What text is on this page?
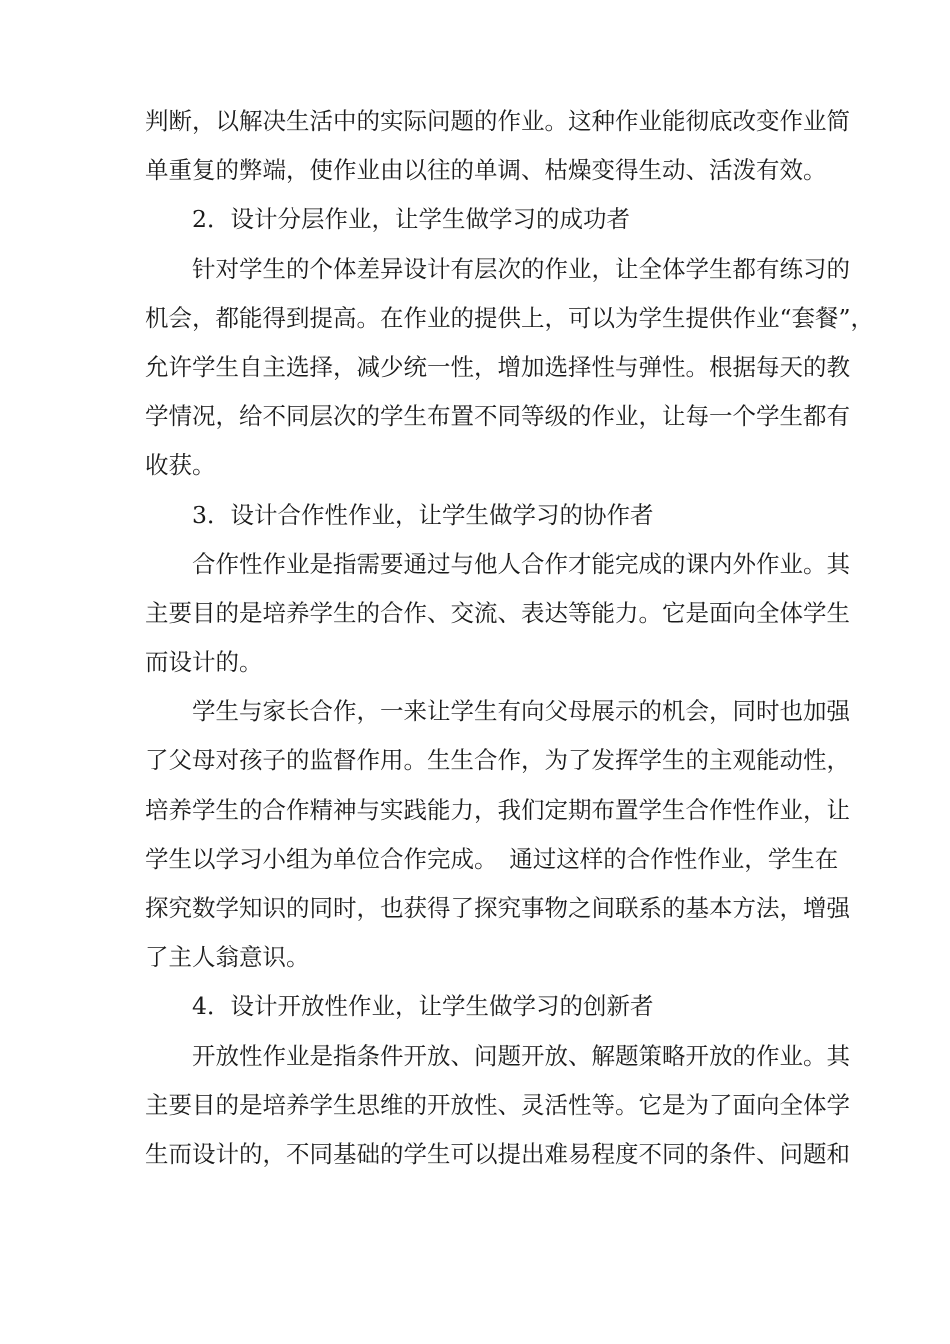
判断，以解决生活中的实际问题的作业。这种作业能彻底改变作业简
单重复的弊端，使作业由以往的单调、枯燥变得生动、活泼有效。
2．设计分层作业，让学生做学习的成功者
针对学生的个体差异设计有层次的作业，让全体学生都有练习的
机会，都能得到提高。在作业的提供上，可以为学生提供作业“套餐”，
允许学生自主选择，减少统一性，增加选择性与弹性。根据每天的教
学情况，给不同层次的学生布置不同等级的作业，让每一个学生都有
收获。
3．设计合作性作业，让学生做学习的协作者
合作性作业是指需要通过与他人合作才能完成的课内外作业。其
主要目的是培养学生的合作、交流、表达等能力。它是面向全体学生
而设计的。
学生与家长合作，一来让学生有向父母展示的机会，同时也加强
了父母对孩子的监督作用。生生合作，为了发挥学生的主观能动性，
培养学生的合作精神与实践能力，我们定期布置学生合作性作业，让
学生以学习小组为单位合作完成。　通过这样的合作性作业，学生在
探究数学知识的同时，也获得了探究事物之间联系的基本方法，增强
了主人翁意识。
4．设计开放性作业，让学生做学习的创新者
开放性作业是指条件开放、问题开放、解题策略开放的作业。其
主要目的是培养学生思维的开放性、灵活性等。它是为了面向全体学
生而设计的，不同基础的学生可以提出难易程度不同的条件、问题和
